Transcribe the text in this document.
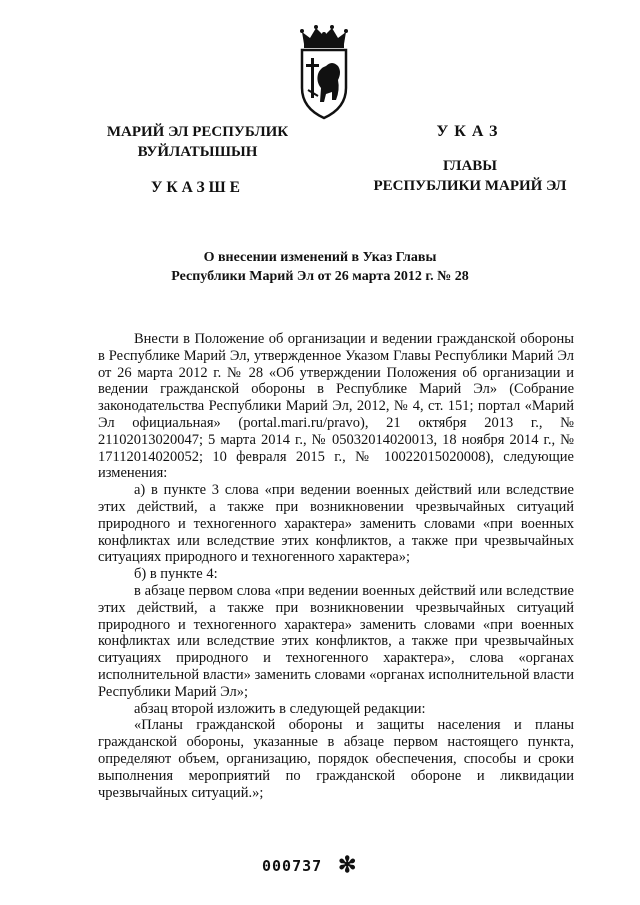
МАРИЙ ЭЛ РЕСПУБЛИК

ВУЙЛАТЫШЫН
УКАЗШЕ
УКАЗ
ГЛАВЫ
РЕСПУБЛИКИ МАРИЙ ЭЛ
О внесении изменений в Указ Главы
Республики Марий Эл от 26 марта 2012 г. № 28

Внести в Положение об организации и ведении гражданской обороны в Республике Марий Эл, утвержденное Указом Главы Республики Марий Эл от 26 марта 2012 г. № 28 «Об утверждении Положения об организации и ведении гражданской обороны в Республике Марий Эл» (Собрание законодательства Республики Марий Эл, 2012, № 4, ст. 151; портал «Марий Эл официальная» (portal.mari.ru/pravo), 21 октября 2013 г., № 21102013020047; 5 марта 2014 г., № 05032014020013, 18 ноября 2014 г., № 17112014020052; 10 февраля 2015 г., № 10022015020008), следующие изменения:

а) в пункте 3 слова «при ведении военных действий или вследствие этих действий, а также при возникновении чрезвычайных ситуаций природного и техногенного характера» заменить словами «при военных конфликтах или вследствие этих конфликтов, а также при чрезвычайных ситуациях природного и техногенного характера»;

б) в пункте 4:

в абзаце первом слова «при ведении военных действий или вследствие этих действий, а также при возникновении чрезвычайных ситуаций природного и техногенного характера» заменить словами «при военных конфликтах или вследствие этих конфликтов, а также при чрезвычайных ситуациях природного и техногенного характера», слова «органах исполнительной власти» заменить словами «органах исполнительной власти Республики Марий Эл»;

абзац второй изложить в следующей редакции:

«Планы гражданской обороны и защиты населения и планы гражданской обороны, указанные в абзаце первом настоящего пункта, определяют объем, организацию, порядок обеспечения, способы и сроки выполнения мероприятий по гражданской обороне и ликвидации чрезвычайных ситуаций.»;

000737 ✻
